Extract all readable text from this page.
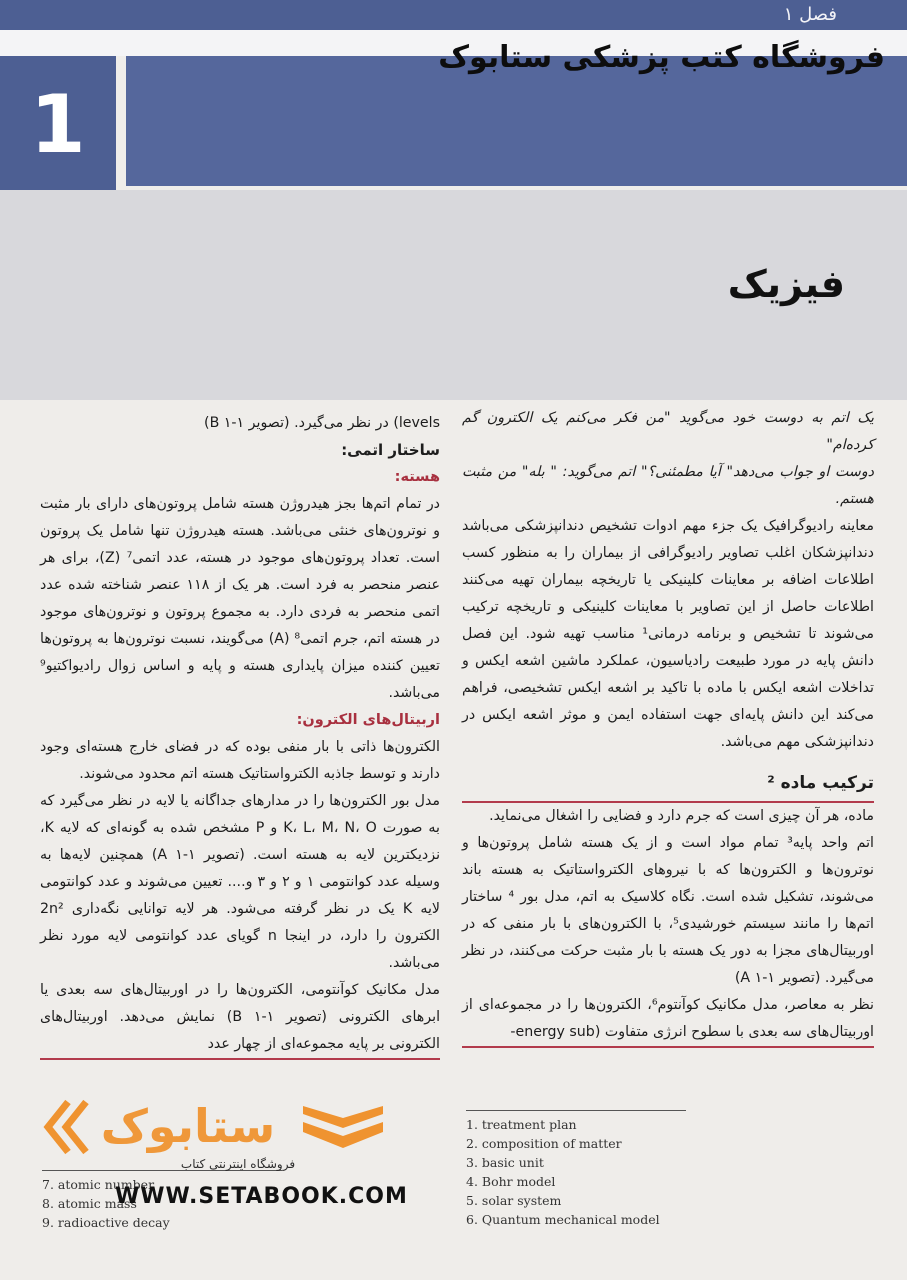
فصل ۱
فروشگاه کتب پزشکی ستابوک
1
فیزیک

یک اتم به دوست خود می‌گوید "من فکر می‌کنم یک الکترون گم کرده‌ام"

دوست او جواب می‌دهد" آیا مطمئنی؟" اتم می‌گوید: " بله" من مثبت هستم.

معاینه رادیوگرافیک یک جزء مهم ادوات تشخیص دندانپزشکی می‌باشد دندانپزشکان اغلب تصاویر رادیوگرافی از بیماران را به منظور کسب اطلاعات اضافه بر معاینات کلینیکی یا تاریخچه بیماران تهیه می‌کنند اطلاعات حاصل از این تصاویر با معاینات کلینیکی و تاریخچه ترکیب می‌شوند تا تشخیص و برنامه درمانی¹ مناسب تهیه شود. این فصل دانش پایه در مورد طبیعت رادیاسیون، عملکرد ماشین اشعه ایکس و تداخلات اشعه ایکس با ماده با تاکید بر اشعه ایکس تشخیصی، فراهم می‌کند این دانش پایه‌ای جهت استفاده ایمن و موثر اشعه ایکس در دندانپزشکی مهم می‌باشد.

ترکیب ماده ²

ماده، هر آن چیزی است که جرم دارد و فضایی را اشغال می‌نماید.

اتم واحد پایه³ تمام مواد است و از یک هسته شامل پروتون‌ها و نوترون‌ها و الکترون‌ها که با نیروهای الکترواستاتیک به هسته باند می‌شوند، تشکیل شده است. نگاه کلاسیک به اتم، مدل بور ⁴ ساختار اتم‌ها را مانند سیستم خورشیدی⁵، با الکترون‌های با بار منفی که در اوربیتال‌های مجزا به دور یک هسته با بار مثبت حرکت می‌کنند، در نظر می‌گیرد. (تصویر A ۱-۱)

نظر به معاصر، مدل مکانیک کوآنتوم⁶، الکترون‌ها را در مجموعه‌ای از اوربیتال‌های سه بعدی با سطوح انرژی متفاوت (energy sub-

levels) در نظر می‌گیرد. (تصویر B ۱-۱)

ساختار اتمی:

هسته:

در تمام اتم‌ها بجز هیدروژن هسته شامل پروتون‌های دارای بار مثبت و نوترون‌های خنثی می‌باشد. هسته هیدروژن تنها شامل یک پروتون است. تعداد پروتون‌های موجود در هسته، عدد اتمی⁷ (Z)، برای هر عنصر منحصر به فرد است. هر یک از ۱۱۸ عنصر شناخته شده عدد اتمی منحصر به فردی دارد. به مجموع پروتون و نوترون‌های موجود در هسته اتم، جرم اتمی⁸ (A) می‌گویند، نسبت نوترون‌ها به پروتون‌ها تعیین کننده میزان پایداری هسته و پایه و اساس زوال رادیواکتیو⁹ می‌باشد.

اربیتال‌های الکترون:

الکترون‌ها ذاتی با بار منفی بوده که در فضای خارج هسته‌ای وجود دارند و توسط جاذبه الکترواستاتیک هسته اتم محدود می‌شوند.

مدل بور الکترون‌ها را در مدارهای جداگانه یا لایه در نظر می‌گیرد که به صورت K، L، M، N، O و P مشخص شده به گونه‌ای که لایه K، نزدیکترین لایه به هسته است. (تصویر A ۱-۱) همچنین لایه‌ها به وسیله عدد کوانتومی ۱ و ۲ و ۳ و.... تعیین می‌شوند و عدد کوانتومی لایه K یک در نظر گرفته می‌شود. هر لایه توانایی نگه‌داری 2n² الکترون را دارد، در اینجا n گویای عدد کوانتومی لایه مورد نظر می‌باشد.

مدل مکانیک کوآنتومی، الکترون‌ها را در اوربیتال‌های سه بعدی یا ابرهای الکترونی (تصویر B ۱-۱) نمایش می‌دهد. اوربیتال‌های الکترونی بر پایه مجموعه‌ای از چهار عدد

1. treatment plan
2. composition of matter
3. basic unit
4. Bohr model
5. solar system
6. Quantum mechanical model
7. atomic number
8. atomic mass
9. radioactive decay
ستابوک
فروشگاه اینترنتی کتاب
WWW.SETABOOK.COM
